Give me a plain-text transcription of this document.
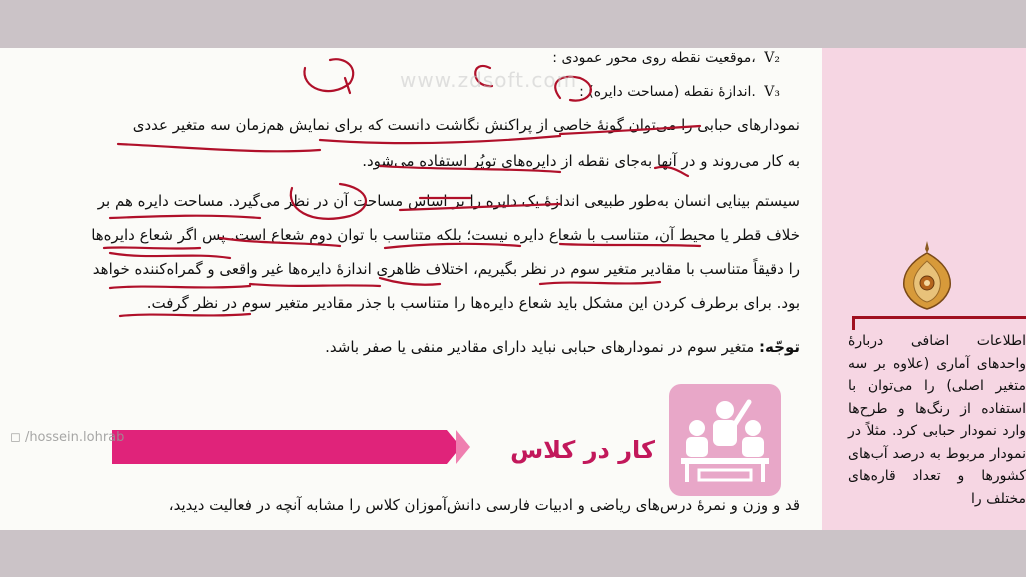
اطلاعات اضافی دربارهٔ واحدهای آماری (علاوه بر سه متغیر اصلی) را می‌توان با استفاده از رنگ‌ها و طرح‌ها وارد نمودار حبابی کرد. مثلاً در نمودار مربوط به درصد آب‌های کشورها و تعداد قاره‌های مختلف را
: موقعیت نقطه روی محور عمودی، V₂
: اندازهٔ نقطه (مساحت دایره). V₃
نمودارهای حبابی را می‌توان گونهٔ خاصی از پراکنش نگاشت دانست که برای نمایش هم‌زمان سه متغیر عددی
به کار می‌روند و در آنها به‌جای نقطه از دایره‌های توپُر استفاده می‌شود.
سیستم بینایی انسان به‌طور طبیعی اندازهٔ یک دایره را بر اساس مساحت آن در نظر می‌گیرد. مساحت دایره هم بر
خلاف قطر یا محیط آن، متناسب با شعاع دایره نیست؛ بلکه متناسب با توان دوم شعاع است. پس اگر شعاع دایره‌ها
را دقیقاً متناسب با مقادیر متغیر سوم در نظر بگیریم، اختلاف ظاهری اندازهٔ دایره‌ها غیر واقعی و گمراه‌کننده خواهد
بود. برای برطرف کردن این مشکل باید شعاع دایره‌ها را متناسب با جذر مقادیر متغیر سوم در نظر گرفت.
توجّه: متغیر سوم در نمودارهای حبابی نباید دارای مقادیر منفی یا صفر باشد.
کار در کلاس
قد و وزن و نمرهٔ درس‌های ریاضی و ادبیات فارسی دانش‌آموزان کلاس را مشابه آنچه در فعالیت دیدید،
www.zdsoft.com
◻ /hossein.lohrab
